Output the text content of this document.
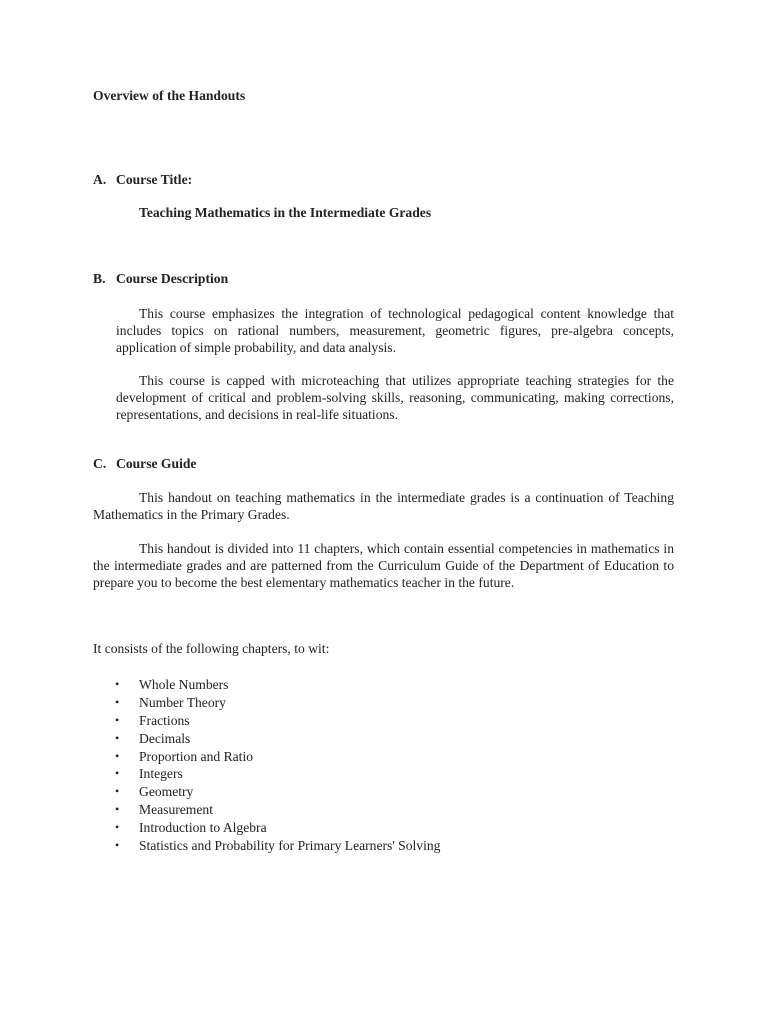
Overview of the Handouts
A. Course Title:
Teaching Mathematics in the Intermediate Grades
B. Course Description

This course emphasizes the integration of technological pedagogical content knowledge that includes topics on rational numbers, measurement, geometric figures, pre-algebra concepts, application of simple probability, and data analysis.

This course is capped with microteaching that utilizes appropriate teaching strategies for the development of critical and problem-solving skills, reasoning, communicating, making corrections, representations, and decisions in real-life situations.

C. Course Guide

This handout on teaching mathematics in the intermediate grades is a continuation of Teaching Mathematics in the Primary Grades.

This handout is divided into 11 chapters, which contain essential competencies in mathematics in the intermediate grades and are patterned from the Curriculum Guide of the Department of Education to prepare you to become the best elementary mathematics teacher in the future.

It consists of the following chapters, to wit:
• Whole Numbers
• Number Theory
• Fractions
• Decimals
• Proportion and Ratio
• Integers
• Geometry
• Measurement
• Introduction to Algebra
• Statistics and Probability for Primary Learners' Solving
